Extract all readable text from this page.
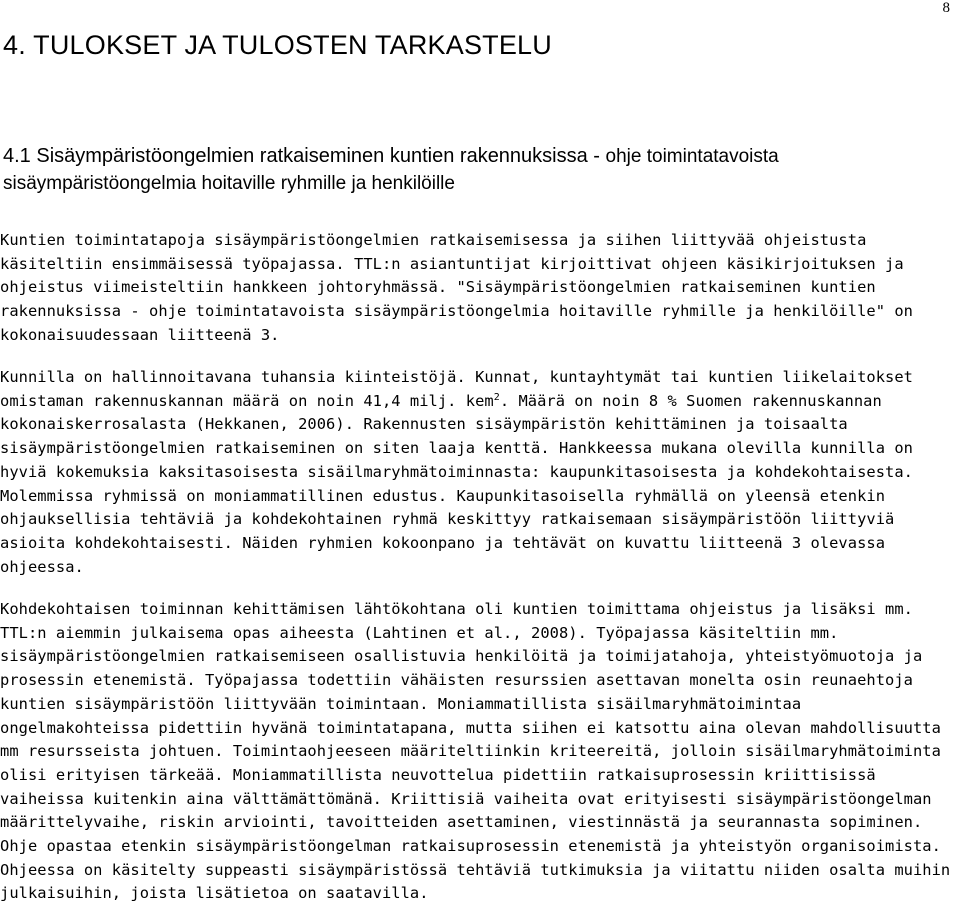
8
4. TULOKSET JA TULOSTEN TARKASTELU
4.1 Sisäympäristöongelmien ratkaiseminen kuntien rakennuksissa - ohje toimintatavoista sisäympäristöongelmia hoitaville ryhmille ja henkilöille

Kuntien toimintatapoja sisäympäristöongelmien ratkaisemisessa ja siihen liittyvää ohjeistusta käsiteltiin ensimmäisessä työpajassa. TTL:n asiantuntijat kirjoittivat ohjeen käsikirjoituksen ja ohjeistus viimeisteltiin hankkeen johtoryhmässä. "Sisäympäristöongelmien ratkaiseminen kuntien rakennuksissa - ohje toimintatavoista sisäympäristöongelmia hoitaville ryhmille ja henkilöille" on kokonaisuudessaan liitteenä 3.

Kunnilla on hallinnoitavana tuhansia kiinteistöjä. Kunnat, kuntayhtymät tai kuntien liikelaitokset omistaman rakennuskannan määrä on noin 41,4 milj. kem$^2$. Määrä on noin 8 % Suomen rakennuskannan kokonaiskerrosalasta (Hekkanen, 2006). Rakennusten sisäympäristön kehittäminen ja toisaalta sisäympäristöongelmien ratkaiseminen on siten laaja kenttä. Hankkeessa mukana olevilla kunnilla on hyviä kokemuksia kaksitasoisesta sisäilmaryhmätoiminnasta: kaupunkitasoisesta ja kohdekohtaisesta. Molemmissa ryhmissä on moniammatillinen edustus. Kaupunkitasoisella ryhmällä on yleensä etenkin ohjauksellisia tehtäviä ja kohdekohtainen ryhmä keskittyy ratkaisemaan sisäympäristöön liittyviä asioita kohdekohtaisesti. Näiden ryhmien kokoonpano ja tehtävät on kuvattu liitteenä 3 olevassa ohjeessa.

Kohdekohtaisen toiminnan kehittämisen lähtökohtana oli kuntien toimittama ohjeistus ja lisäksi mm. TTL:n aiemmin julkaisema opas aiheesta (Lahtinen et al., 2008). Työpajassa käsiteltiin mm. sisäympäristöongelmien ratkaisemiseen osallistuvia henkilöitä ja toimijatahoja, yhteistyömuotoja ja prosessin etenemistä. Työpajassa todettiin vähäisten resurssien asettavan monelta osin reunaehtoja kuntien sisäympäristöön liittyvään toimintaan. Moniammatillista sisäilmaryhmätoimintaa ongelmakohteissa pidettiin hyvänä toimintatapana, mutta siihen ei katsottu aina olevan mahdollisuutta mm resursseista johtuen. Toimintaohjeeseen määriteltiinkin kriteereitä, jolloin sisäilmaryhmätoiminta olisi erityisen tärkeää. Moniammatillista neuvottelua pidettiin ratkaisuprosessin kriittisissä vaiheissa kuitenkin aina välttämättömänä. Kriittisiä vaiheita ovat erityisesti sisäympäristöongelman määrittelyvaihe, riskin arviointi, tavoitteiden asettaminen, viestinnästä ja seurannasta sopiminen. Ohje opastaa etenkin sisäympäristöongelman ratkaisuprosessin etenemistä ja yhteistyön organisoimista. Ohjeessa on käsitelty suppeasti sisäympäristössä tehtäviä tutkimuksia ja viitattu niiden osalta muihin julkaisuihin, joista lisätietoa on saatavilla.
